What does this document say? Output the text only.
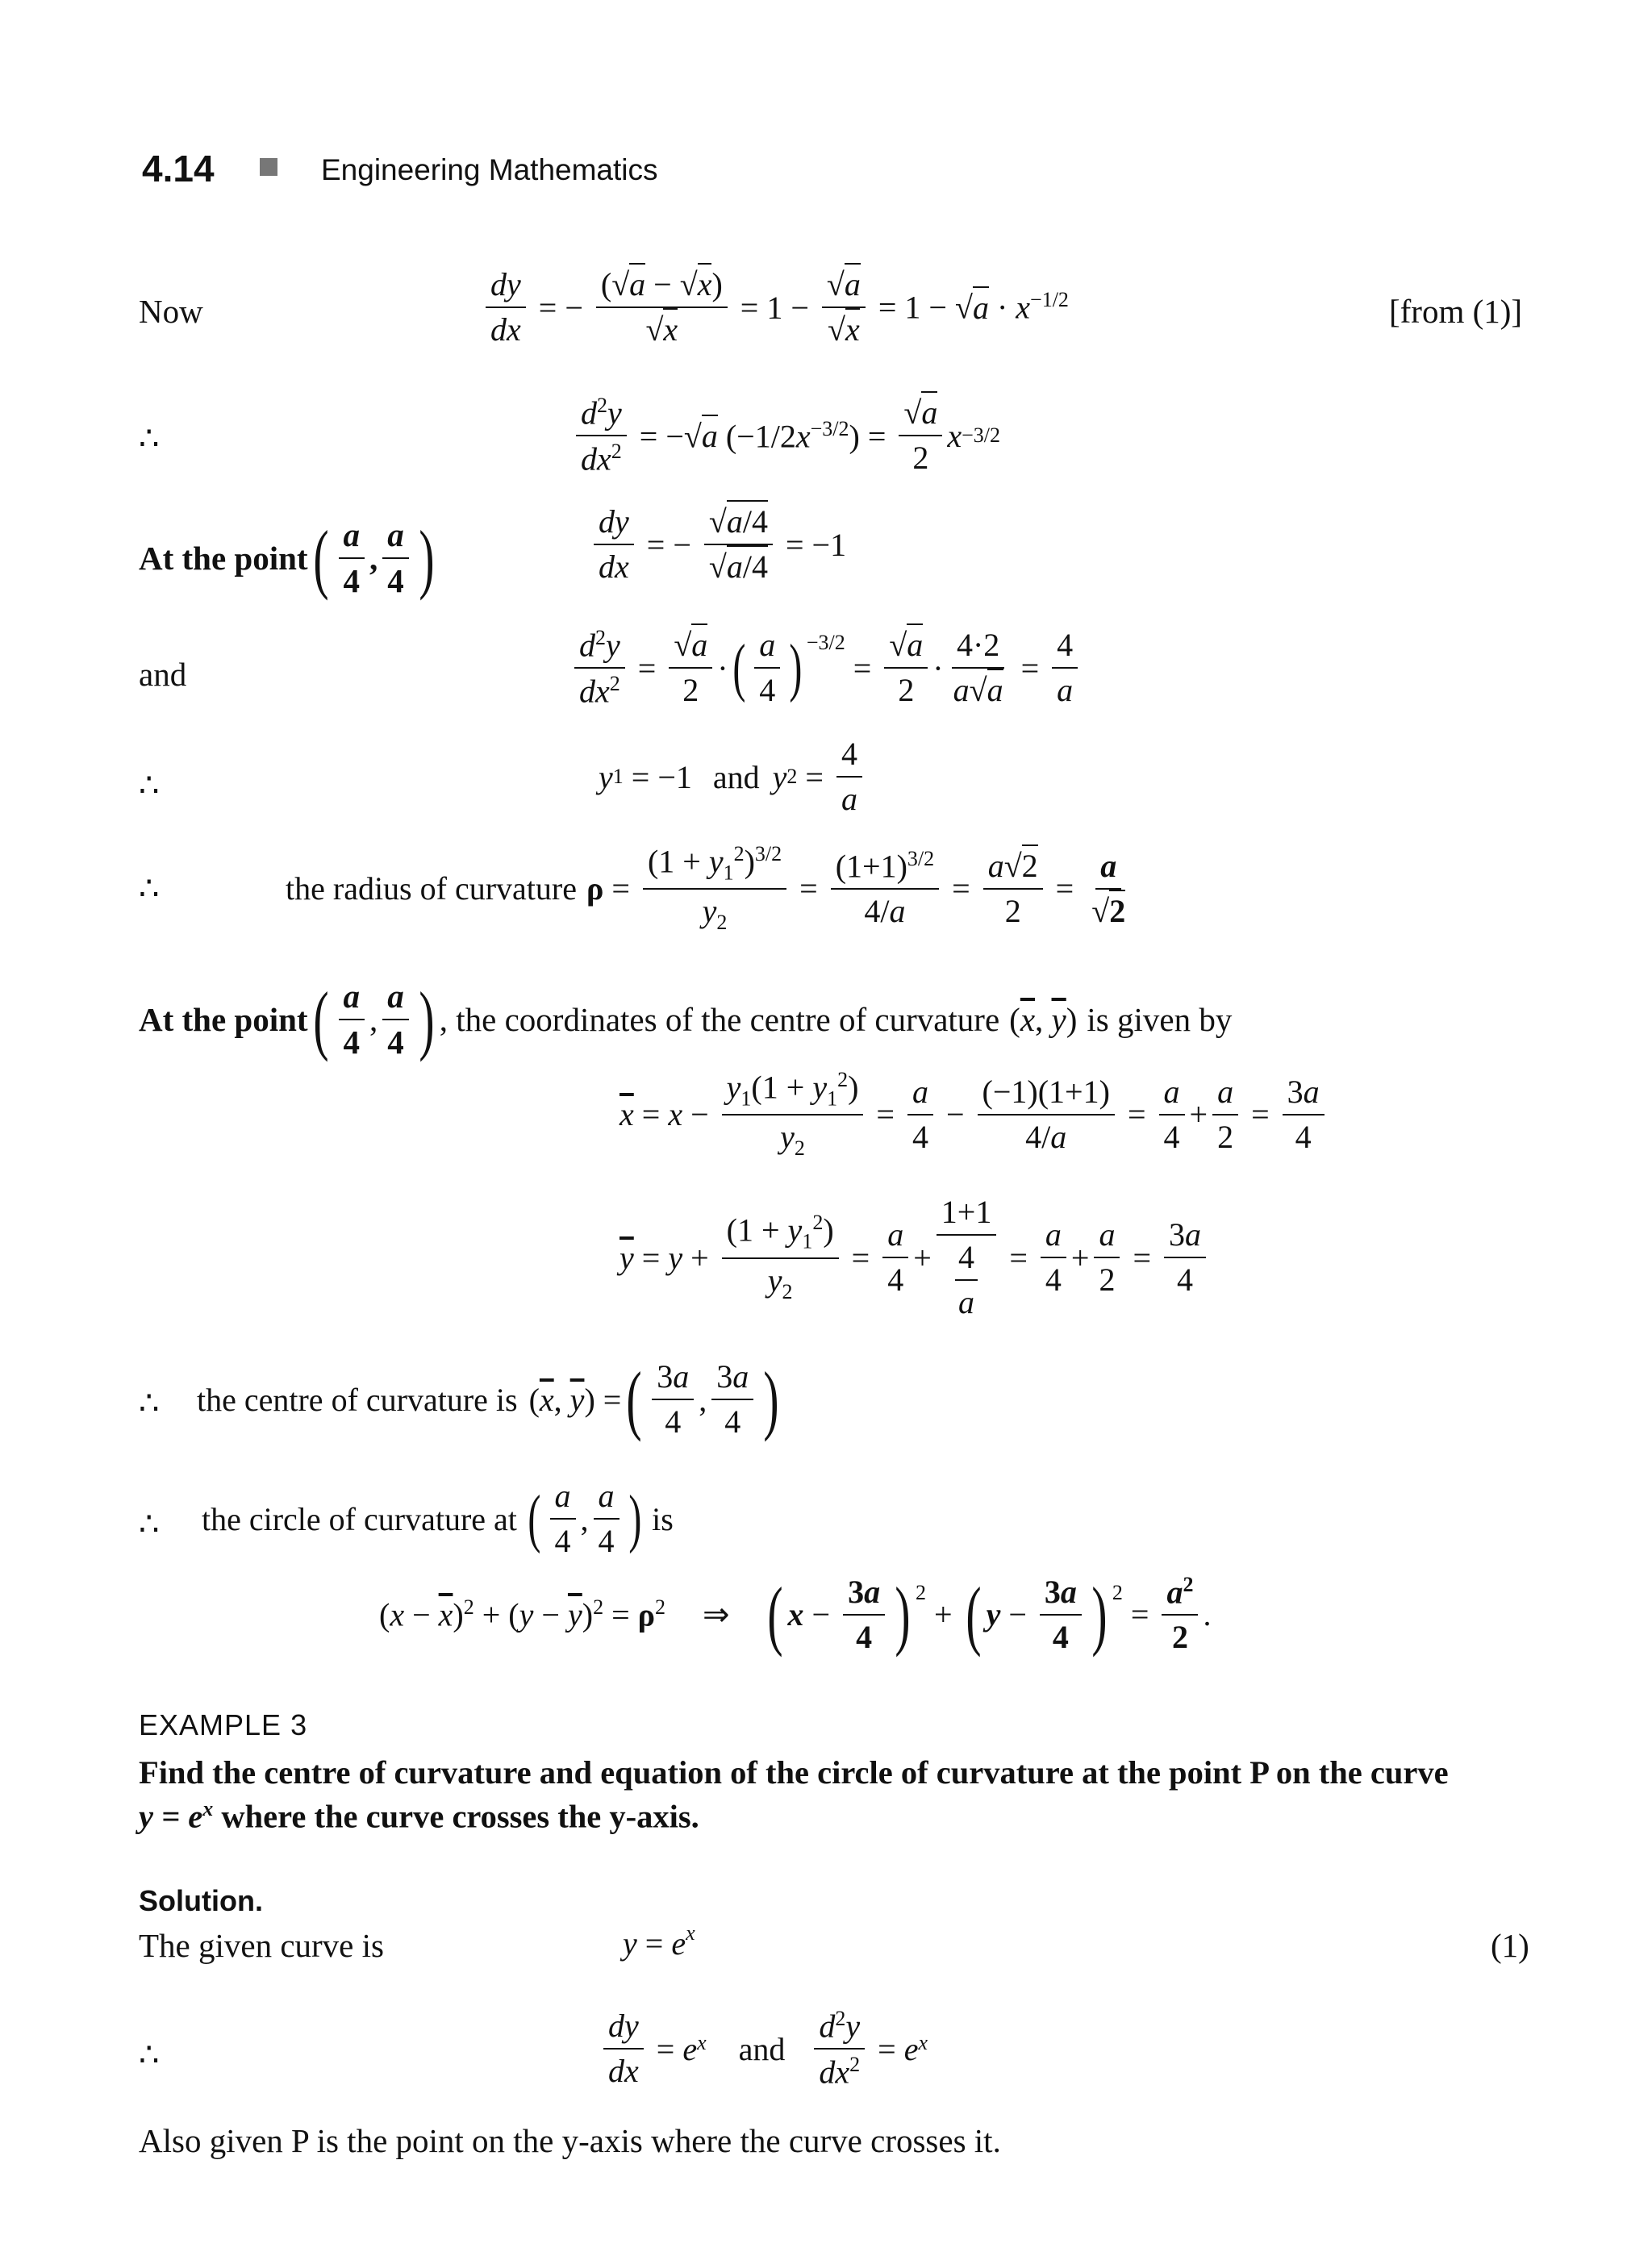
4.14	Engineering Mathematics
Now	$\frac{dy}{dx}$ = − $\frac{(√a - √x)}{√x} = 1 - \frac{√a}{√x} = 1 - √a \cdot x^{-1/2}$	[from (1)]
∴	$\frac{d^2y}{dx^2} = -√a$ $(-1/2x^{-3/2}) = \frac{√a}{2}$ x −3/2
At the point ( $\frac{a}{4}$ , $\frac{a}{4}$ )	$\frac{dy}{dx}$ = − $\frac{√a/4}{√a/4} = -1$
and	$\frac{d^2y}{dx^2} = \frac{√a}{2}$ · ( $\frac{a}{4} )^{-3/2}$
= $\frac{√a}{2} \cdot \frac{4\cdot 2}{a√a} = \frac{4}{a}$
∴	y 1 = −1 and y $2 = \frac{4}{a}$
∴	the radius of curvature $\rho = \frac{(1 + y_1^2)^{3/2}}{y_2} = \frac{(1+1)^{3/2}}{4/a} = \frac{a√2}{2} = \frac{a}{√2}$
At the point ( $\frac{a}{4}$ , $\frac{a}{4}$ ) , the coordinates of the centre of curvature ($\overline{x}$, $\overline{y}$) is given by
$\overline{x} = x - \frac{y_1(1 + y_1^2)}{y_2} = \frac{a}{4} - \frac{(-1)(1+1)}{4/a} = \frac{a}{4} + \frac{a}{2} = \frac{3a}{4}$
$\overline{y} = y + \frac{(1 + y_1^2)}{y_2} = \frac{a}{4} + 1+1$
4
$a = \frac{a}{4} + \frac{a}{2} = \frac{3a}{4}$
∴ the centre of curvature is ($\overline{x}$, $\overline{y}$) = ( $\frac{3a}{4}$ , $\frac{3a}{4}$ )
∴ the circle of curvature at ( $\frac{a}{4}$ , $\frac{a}{4}$ ) is
$(x - \overline{x})^2 + (y - \overline{y})^2 = \rho^2$ ⇒ ( $x - \frac{3a}{4} )^2$
+ ( $y - \frac{3a}{4} )^2$
= $\frac{a^2}{2}$ .
EXAMPLE 3
Find the centre of curvature and equation of the circle of curvature at the point P on the curve
$y = e^x$ where the curve crosses the y-axis.
Solution.
The given curve is	$y = e^x$	(1)
∴	$\frac{dy}{dx} = e$ x and $\frac{d^2y}{dx^2} = e$ x
Also given P is the point on the y-axis where the curve crosses it.
